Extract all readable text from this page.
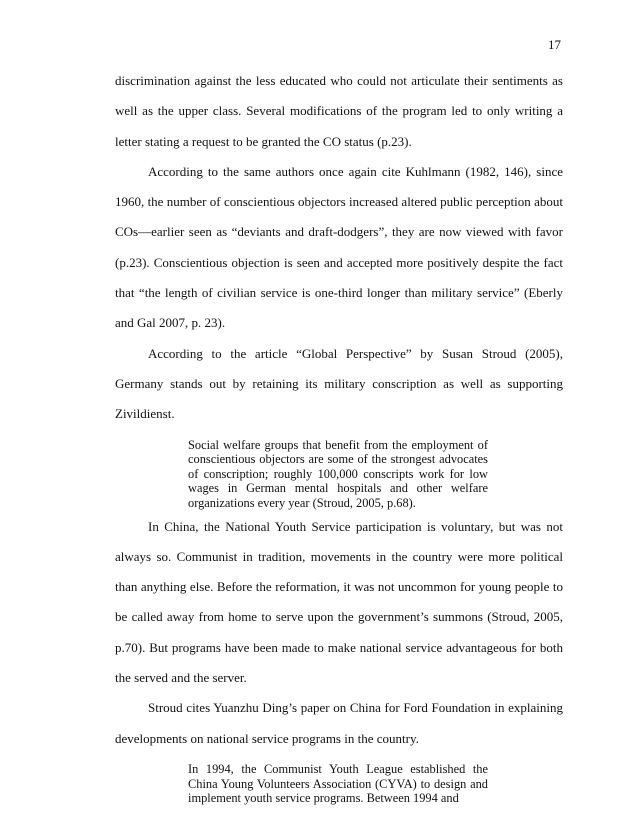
17

discrimination against the less educated who could not articulate their sentiments as well as the upper class. Several modifications of the program led to only writing a letter stating a request to be granted the CO status (p.23).

According to the same authors once again cite Kuhlmann (1982, 146), since 1960, the number of conscientious objectors increased altered public perception about COs—earlier seen as “deviants and draft-dodgers”, they are now viewed with favor (p.23). Conscientious objection is seen and accepted more positively despite the fact that “the length of civilian service is one-third longer than military service” (Eberly and Gal 2007, p. 23).

According to the article “Global Perspective” by Susan Stroud (2005), Germany stands out by retaining its military conscription as well as supporting Zivildienst.

Social welfare groups that benefit from the employment of conscientious objectors are some of the strongest advocates of conscription; roughly 100,000 conscripts work for low wages in German mental hospitals and other welfare organizations every year (Stroud, 2005, p.68).

In China, the National Youth Service participation is voluntary, but was not always so. Communist in tradition, movements in the country were more political than anything else. Before the reformation, it was not uncommon for young people to be called away from home to serve upon the government’s summons (Stroud, 2005, p.70). But programs have been made to make national service advantageous for both the served and the server.

Stroud cites Yuanzhu Ding’s paper on China for Ford Foundation in explaining developments on national service programs in the country.

In 1994, the Communist Youth League established the China Young Volunteers Association (CYVA) to design and implement youth service programs. Between 1994 and
